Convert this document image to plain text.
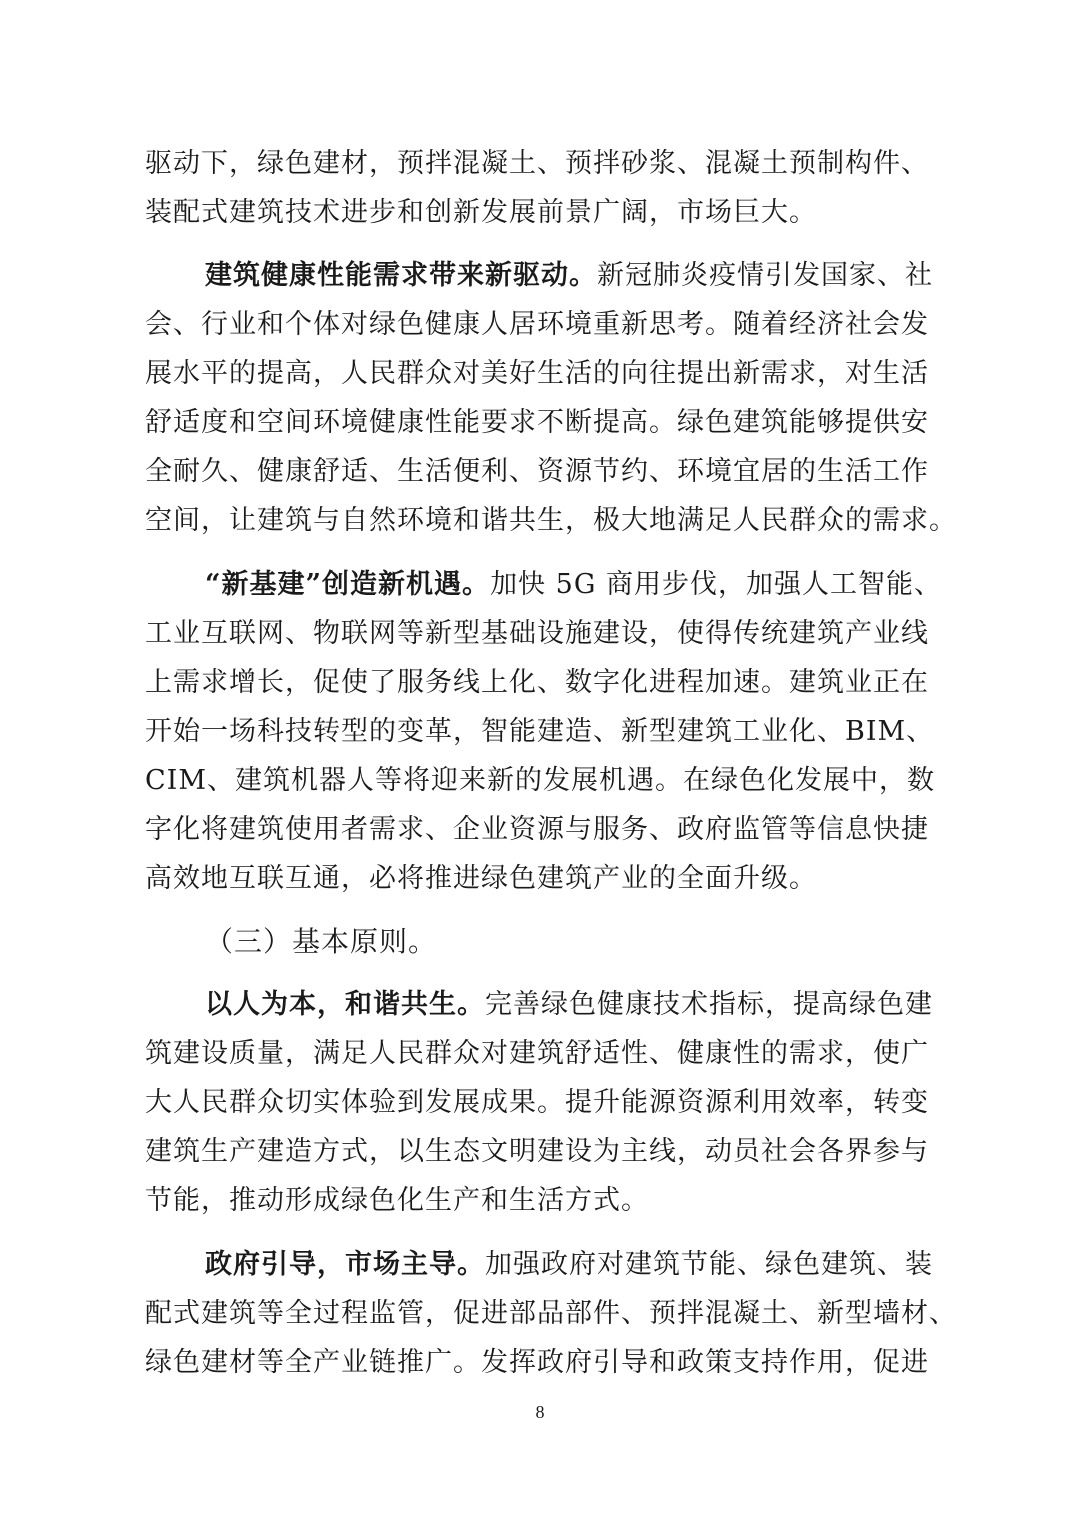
驱动下，绿色建材，预拌混凝土、预拌砂浆、混凝土预制构件、
装配式建筑技术进步和创新发展前景广阔，市场巨大。
建筑健康性能需求带来新驱动。新冠肺炎疫情引发国家、社
会、行业和个体对绿色健康人居环境重新思考。随着经济社会发
展水平的提高，人民群众对美好生活的向往提出新需求，对生活
舒适度和空间环境健康性能要求不断提高。绿色建筑能够提供安
全耐久、健康舒适、生活便利、资源节约、环境宜居的生活工作
空间，让建筑与自然环境和谐共生，极大地满足人民群众的需求。
“新基建”创造新机遇。加快 5G 商用步伐，加强人工智能、
工业互联网、物联网等新型基础设施建设，使得传统建筑产业线
上需求增长，促使了服务线上化、数字化进程加速。建筑业正在
开始一场科技转型的变革，智能建造、新型建筑工业化、BIM、
CIM、建筑机器人等将迎来新的发展机遇。在绿色化发展中，数
字化将建筑使用者需求、企业资源与服务、政府监管等信息快捷
高效地互联互通，必将推进绿色建筑产业的全面升级。
（三）基本原则。
以人为本，和谐共生。完善绿色健康技术指标，提高绿色建
筑建设质量，满足人民群众对建筑舒适性、健康性的需求，使广
大人民群众切实体验到发展成果。提升能源资源利用效率，转变
建筑生产建造方式，以生态文明建设为主线，动员社会各界参与
节能，推动形成绿色化生产和生活方式。
政府引导，市场主导。加强政府对建筑节能、绿色建筑、装
配式建筑等全过程监管，促进部品部件、预拌混凝土、新型墙材、
绿色建材等全产业链推广。发挥政府引导和政策支持作用，促进
8
